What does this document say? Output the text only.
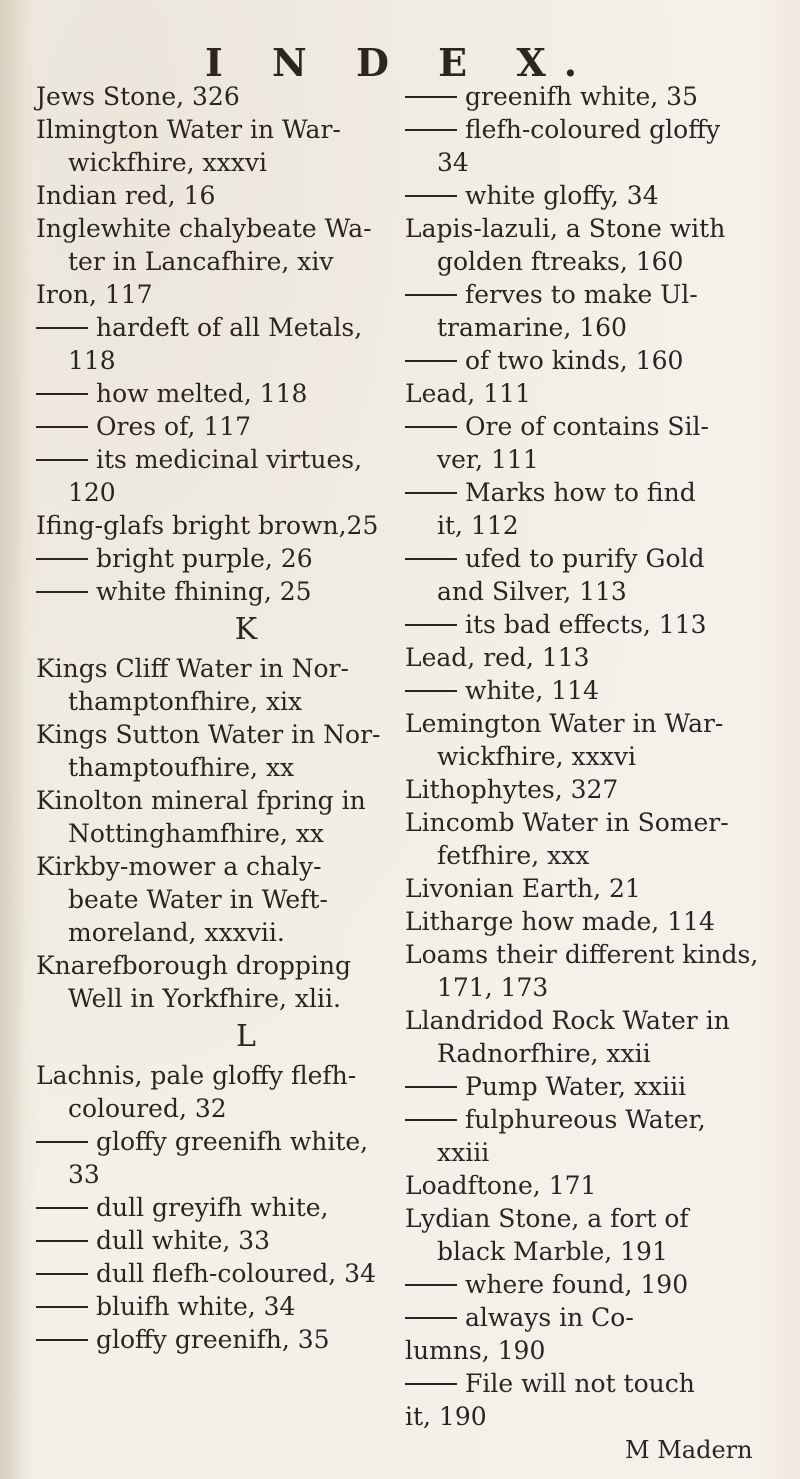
I N D E X.
Jews Stone, 326
Ilmington Water in War-
wickfhire, xxxvi
Indian red, 16
Inglewhite chalybeate Wa-
ter in Lancafhire, xiv
Iron, 117
hardeft of all Metals,
118
how melted, 118
Ores of, 117
its medicinal virtues,
120
Ifing-glafs bright brown,25
bright purple, 26
white fhining, 25
K
Kings Cliff Water in Nor-
thamptonfhire, xix
Kings Sutton Water in Nor-
thamptoufhire, xx
Kinolton mineral fpring in
Nottinghamfhire, xx
Kirkby-mower a chaly-
beate Water in Weft-
moreland, xxxvii.
Knarefborough dropping
Well in Yorkfhire, xlii.
L
Lachnis, pale gloffy flefh-
coloured, 32
gloffy greenifh white,
33
dull greyifh white,
dull white, 33
dull flefh-coloured, 34
bluifh white, 34
gloffy greenifh, 35
greenifh white, 35
flefh-coloured gloffy
34
white gloffy, 34
Lapis-lazuli, a Stone with
golden ftreaks, 160
ferves to make Ul-
tramarine, 160
of two kinds, 160
Lead, 111
Ore of contains Sil-
ver, 111
Marks how to find
it, 112
ufed to purify Gold
and Silver, 113
its bad effects, 113
Lead, red, 113
white, 114
Lemington Water in War-
wickfhire, xxxvi
Lithophytes, 327
Lincomb Water in Somer-
fetfhire, xxx
Livonian Earth, 21
Litharge how made, 114
Loams their different kinds,
171, 173
Llandridod Rock Water in
Radnorfhire, xxii
Pump Water, xxiii
fulphureous Water,
xxiii
Loadftone, 171
Lydian Stone, a fort of
black Marble, 191
where found, 190
always in Co-
lumns, 190
File will not touch
it, 190
M Madern
